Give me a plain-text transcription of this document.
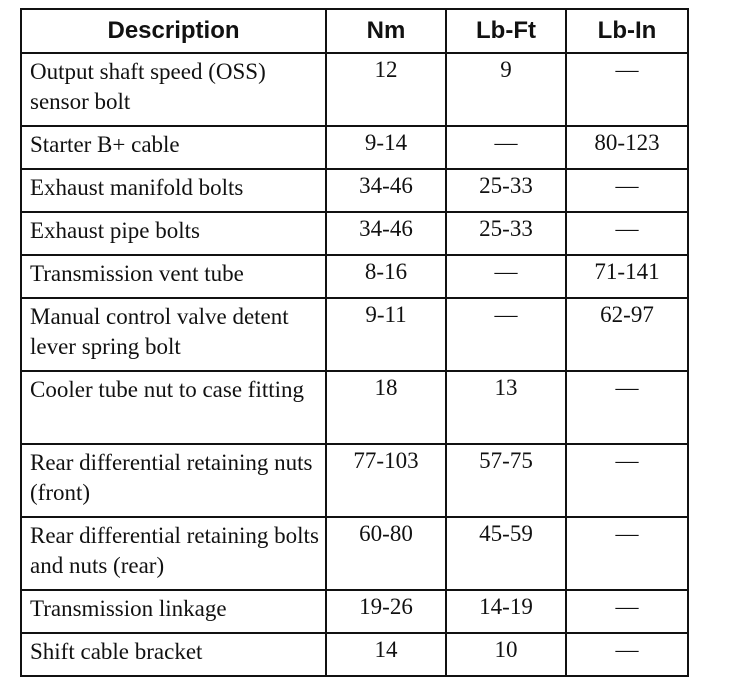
Description	Nm	Lb-Ft	Lb-In
Output shaft speed (OSS) sensor bolt	12	9	—
Starter B+ cable	9-14	—	80-123
Exhaust manifold bolts	34-46	25-33	—
Exhaust pipe bolts	34-46	25-33	—
Transmission vent tube	8-16	—	71-141
Manual control valve detent lever spring bolt	9-11	—	62-97
Cooler tube nut to case fitting	18	13	—
Rear differential retaining nuts (front)	77-103	57-75	—
Rear differential retaining bolts and nuts (rear)	60-80	45-59	—
Transmission linkage	19-26	14-19	—
Shift cable bracket	14	10	—
